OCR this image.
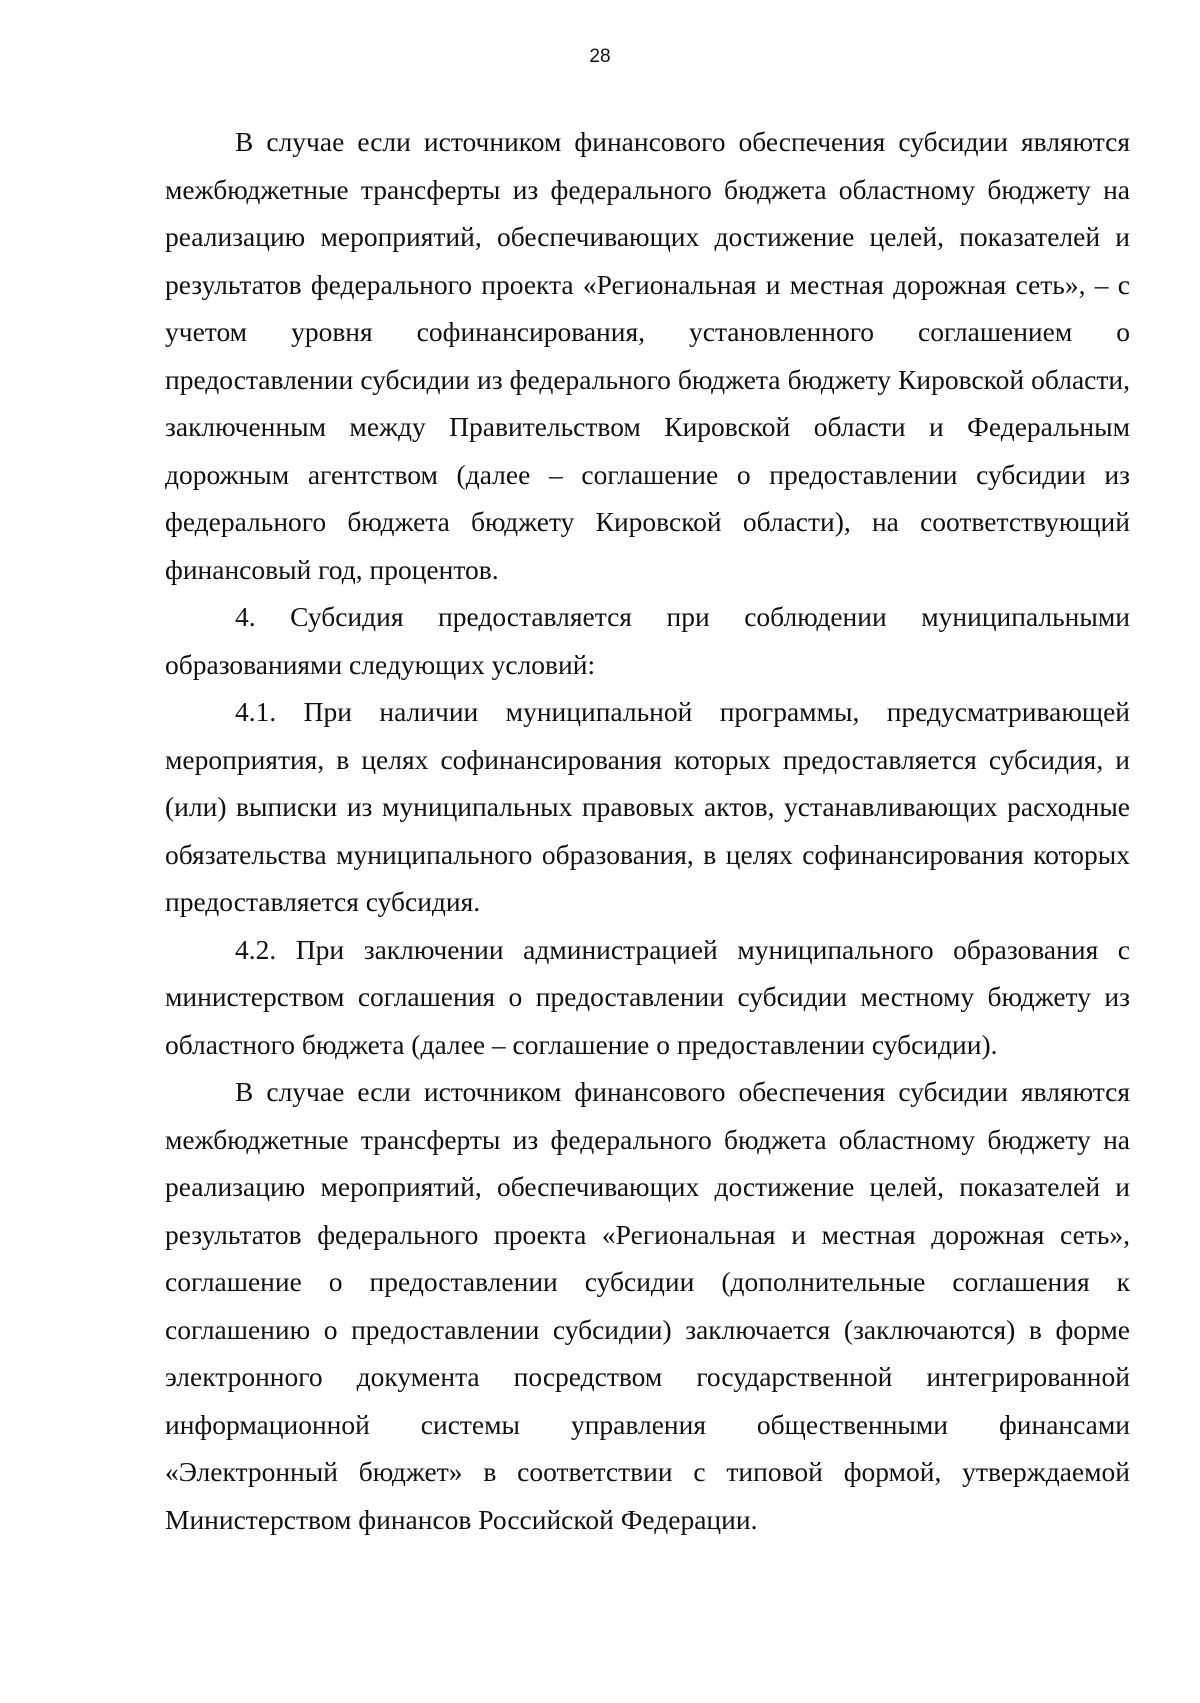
28

В случае если источником финансового обеспечения субсидии являются межбюджетные трансферты из федерального бюджета областному бюджету на реализацию мероприятий, обеспечивающих достижение целей, показателей и результатов федерального проекта «Региональная и местная дорожная сеть», – с учетом уровня софинансирования, установленного соглашением о предоставлении субсидии из федерального бюджета бюджету Кировской области, заключенным между Правительством Кировской области и Федеральным дорожным агентством (далее – соглашение о предоставлении субсидии из федерального бюджета бюджету Кировской области), на соответствующий финансовый год, процентов.

4. Субсидия предоставляется при соблюдении муниципальными образованиями следующих условий:

4.1. При наличии муниципальной программы, предусматривающей мероприятия, в целях софинансирования которых предоставляется субсидия, и (или) выписки из муниципальных правовых актов, устанавливающих расходные обязательства муниципального образования, в целях софинансирования которых предоставляется субсидия.

4.2. При заключении администрацией муниципального образования с министерством соглашения о предоставлении субсидии местному бюджету из областного бюджета (далее – соглашение о предоставлении субсидии).

В случае если источником финансового обеспечения субсидии являются межбюджетные трансферты из федерального бюджета областному бюджету на реализацию мероприятий, обеспечивающих достижение целей, показателей и результатов федерального проекта «Региональная и местная дорожная сеть», соглашение о предоставлении субсидии (дополнительные соглашения к соглашению о предоставлении субсидии) заключается (заключаются) в форме электронного документа посредством государственной интегрированной информационной системы управления общественными финансами «Электронный бюджет» в соответствии с типовой формой, утверждаемой Министерством финансов Российской Федерации.
